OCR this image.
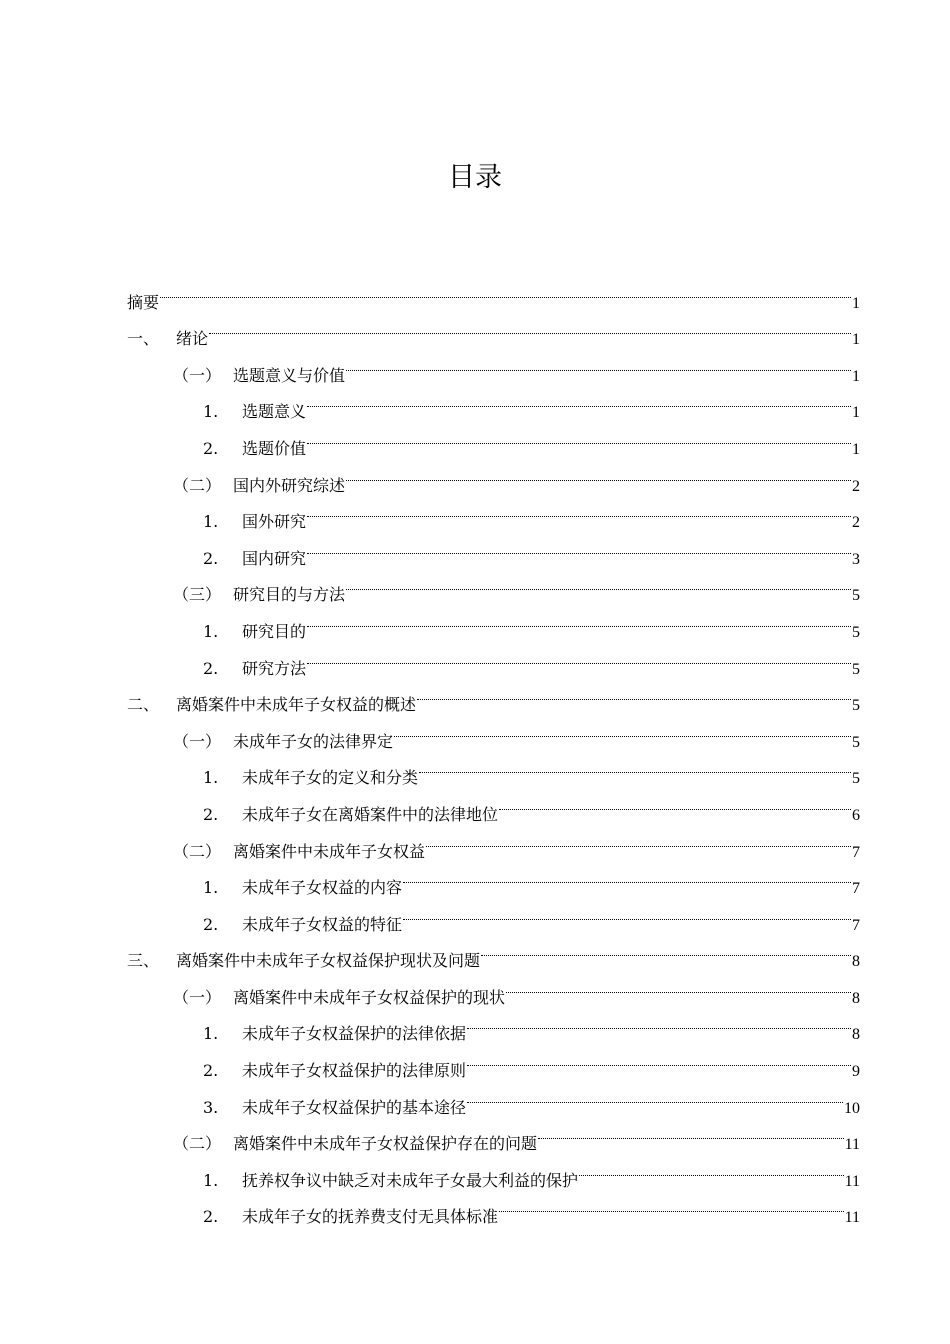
目录
摘要	1
一、	绪论	1
（一） 选题意义与价值	1
1.	选题意义	1
2.	选题价值	1
（二） 国内外研究综述	2
1.	国外研究	2
2.	国内研究	3
（三） 研究目的与方法	5
1.	研究目的	5
2.	研究方法	5
二、	离婚案件中未成年子女权益的概述	5
（一） 未成年子女的法律界定	5
1.	未成年子女的定义和分类	5
2.	未成年子女在离婚案件中的法律地位	6
（二） 离婚案件中未成年子女权益	7
1.	未成年子女权益的内容	7
2.	未成年子女权益的特征	7
三、	离婚案件中未成年子女权益保护现状及问题	8
（一） 离婚案件中未成年子女权益保护的现状	8
1.	未成年子女权益保护的法律依据	8
2.	未成年子女权益保护的法律原则	9
3.	未成年子女权益保护的基本途径	10
（二） 离婚案件中未成年子女权益保护存在的问题	11
1.	抚养权争议中缺乏对未成年子女最大利益的保护	11
2.	未成年子女的抚养费支付无具体标准	11
